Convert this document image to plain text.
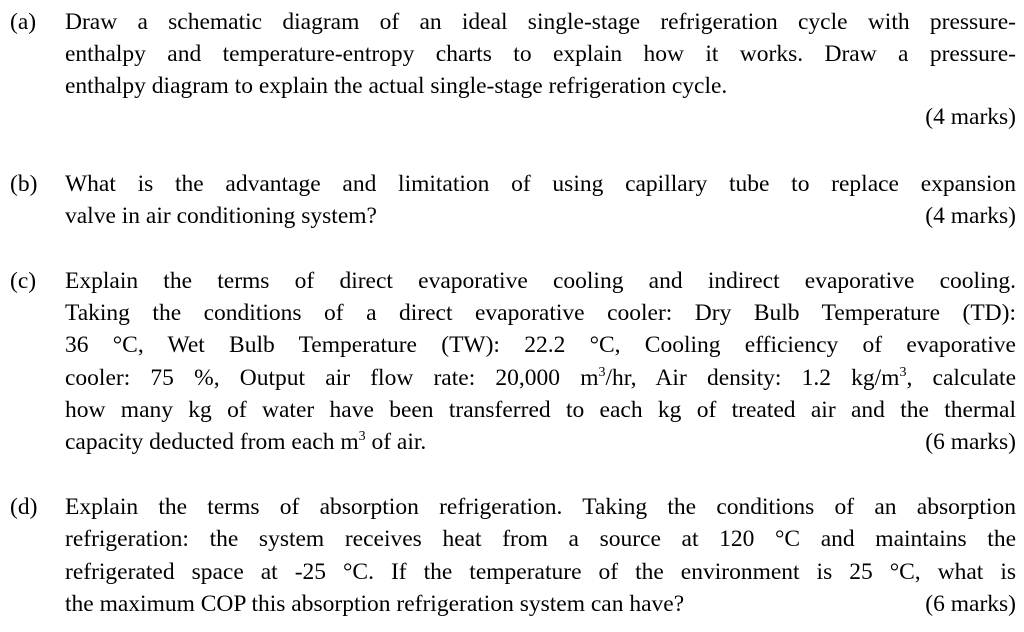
(a) Draw a schematic diagram of an ideal single-stage refrigeration cycle with pressure-
enthalpy and temperature-entropy charts to explain how it works. Draw a pressure-
enthalpy diagram to explain the actual single-stage refrigeration cycle.
(4 marks)
(b) What is the advantage and limitation of using capillary tube to replace expansion
valve in air conditioning system?	(4 marks)
(c) Explain the terms of direct evaporative cooling and indirect evaporative cooling.
Taking the conditions of a direct evaporative cooler: Dry Bulb Temperature (TD):
36 °C, Wet Bulb Temperature (TW): 22.2 °C, Cooling efficiency of evaporative
cooler: 75 %, Output air flow rate: 20,000 $m^3/hr$, Air density: 1.2 $kg/m^3$, calculate
how many kg of water have been transferred to each kg of treated air and the thermal
capacity deducted from each $m^3$ of air.	(6 marks)
(d) Explain the terms of absorption refrigeration. Taking the conditions of an absorption
refrigeration: the system receives heat from a source at 120 °C and maintains the
refrigerated space at -25 °C. If the temperature of the environment is 25 °C, what is
the maximum COP this absorption refrigeration system can have?	(6 marks)
